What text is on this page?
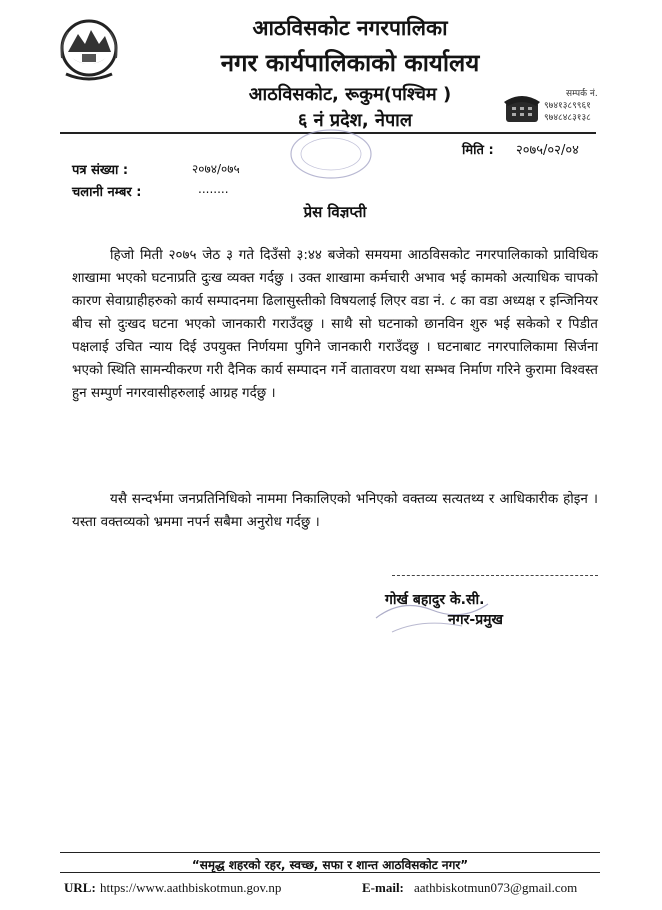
आठविसकोट नगरपालिका
नगर कार्यपालिकाको कार्यालय
आठविसकोट, रूकुम(पश्चिम )
६ नं प्रदेश, नेपाल
सम्पर्क नं.
९७४१३८९९६१
९७४८४८३१३८
मिति : २०७५/०२/०४
पत्र संख्या :	२०७४/०७५
चलानी नम्बर :	........
प्रेस विज्ञप्ती
हिजो मिती २०७५ जेठ ३ गते दिउँसो ३:४४ बजेको समयमा आठविसकोट नगरपालिकाको प्राविधिक शाखामा भएको घटनाप्रति दुःख व्यक्त गर्दछु । उक्त शाखामा कर्मचारी अभाव भई कामको अत्याधिक चापको कारण सेवाग्राहीहरुको कार्य सम्पादनमा ढिलासुस्तीको विषयलाई लिएर वडा नं. ८ का वडा अध्यक्ष र इन्जिनियर बीच सो दुःखद घटना भएको जानकारी गराउँदछु । साथै सो घटनाको छानविन शुरु भई सकेको र पिडीत पक्षलाई उचित न्याय दिई उपयुक्त निर्णयमा पुगिने जानकारी गराउँदछु । घटनाबाट नगरपालिकामा सिर्जना भएको स्थिति सामन्यीकरण गरी दैनिक कार्य सम्पादन गर्ने वातावरण यथा सम्भव निर्माण गरिने कुरामा विश्वस्त हुन सम्पुर्ण नगरवासीहरुलाई आग्रह गर्दछु ।
यसै सन्दर्भमा जनप्रतिनिधिको नाममा निकालिएको भनिएको वक्तव्य सत्यतथ्य र आधिकारीक होइन । यस्ता वक्तव्यको भ्रममा नपर्न सबैमा अनुरोध गर्दछु ।
गोर्ख बहादुर के.सी.
नगर-प्रमुख
“समृद्ध शहरको रहर, स्वच्छ, सफा र शान्त आठविसकोट नगर”
URL: https://www.aathbiskotmun.gov.np	E-mail: aathbiskotmun073@gmail.com
